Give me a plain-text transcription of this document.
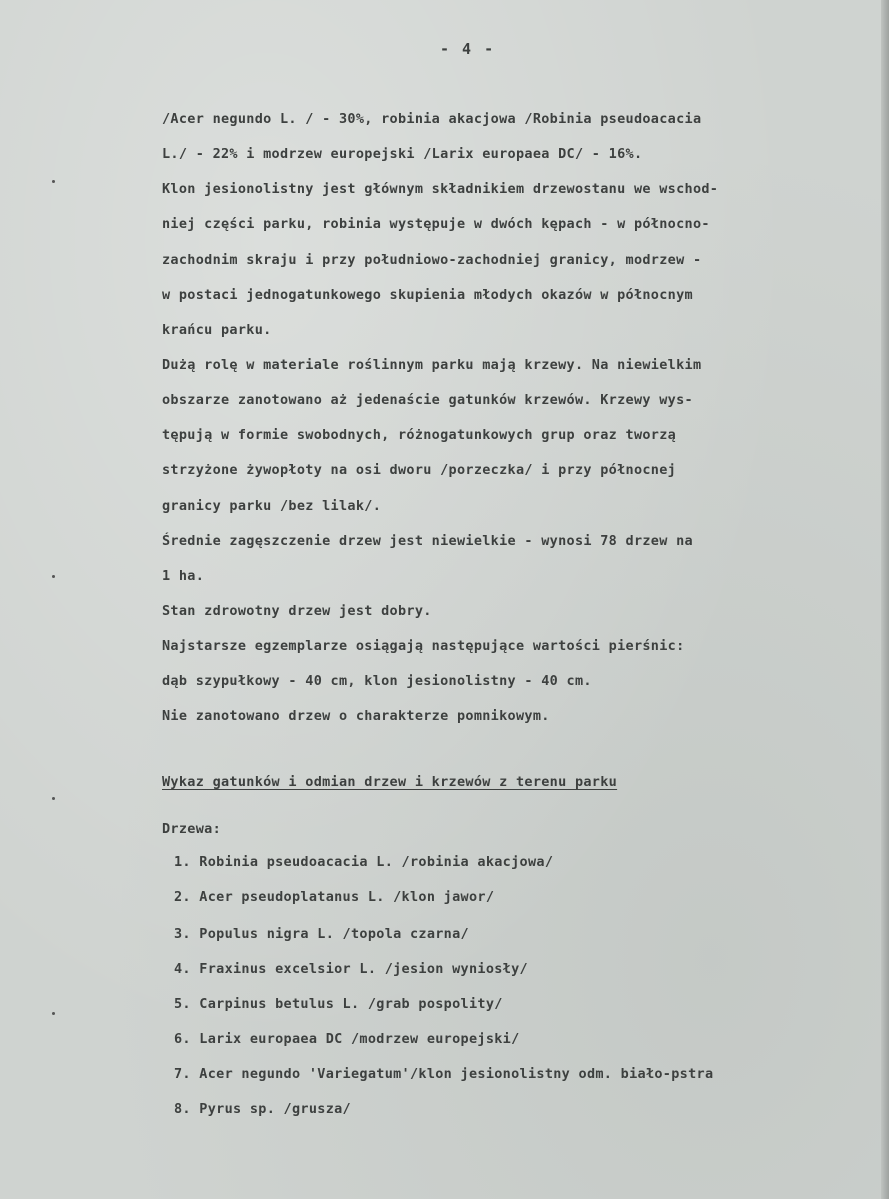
- 4 -
/Acer negundo L. / - 30%, robinia akacjowa /Robinia pseudoacacia
L./ - 22% i modrzew europejski /Larix europaea DC/ - 16%.
Klon jesionolistny jest głównym składnikiem drzewostanu we wschod-
niej części parku, robinia występuje w dwóch kępach - w północno-
zachodnim skraju i przy południowo-zachodniej granicy, modrzew -
w postaci jednogatunkowego skupienia młodych okazów w północnym
krańcu parku.
Dużą rolę w materiale roślinnym parku mają krzewy. Na niewielkim
obszarze zanotowano aż jedenaście gatunków krzewów. Krzewy wys-
tępują w formie swobodnych, różnogatunkowych grup oraz tworzą
strzyżone żywopłoty na osi dworu /porzeczka/ i przy północnej
granicy parku /bez lilak/.
Średnie zagęszczenie drzew jest niewielkie - wynosi 78 drzew na
1 ha.
Stan zdrowotny drzew jest dobry.
Najstarsze egzemplarze osiągają następujące wartości pierśnic:
dąb szypułkowy - 40 cm, klon jesionolistny - 40 cm.
Nie zanotowano drzew o charakterze pomnikowym.
Wykaz gatunków i odmian drzew i krzewów z terenu parku
Drzewa:
1. Robinia pseudoacacia L. /robinia akacjowa/
2. Acer pseudoplatanus L. /klon jawor/
3. Populus nigra L. /topola czarna/
4. Fraxinus excelsior L. /jesion wyniosły/
5. Carpinus betulus L. /grab pospolity/
6. Larix europaea DC /modrzew europejski/
7. Acer negundo 'Variegatum'/klon jesionolistny odm. biało-pstra
8. Pyrus sp. /grusza/
